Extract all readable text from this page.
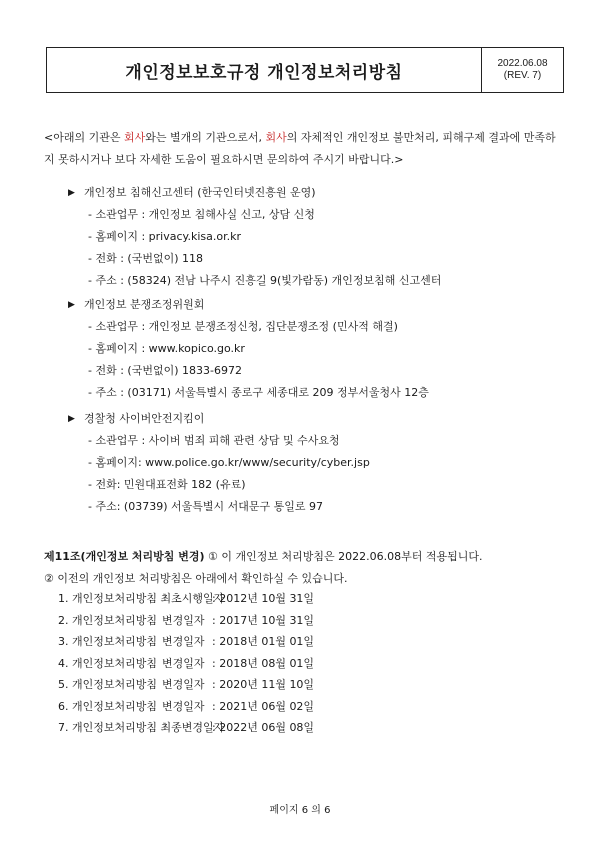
개인정보보호규정 개인정보처리방침	2022.06.08
(REV. 7)
<아래의 기관은 회사와는 별개의 기관으로서, 회사의 자체적인 개인정보 불만처리, 피해구제 결과에 만족하지 못하시거나 보다 자세한 도움이 필요하시면 문의하여 주시기 바랍니다.>
▶ 개인정보 침해신고센터 (한국인터넷진흥원 운영)
- 소관업무 : 개인정보 침해사실 신고, 상담 신청
- 홈페이지 : privacy.kisa.or.kr
- 전화 : (국번없이) 118
- 주소 : (58324) 전남 나주시 진흥길 9(빛가람동) 개인정보침해 신고센터
▶ 개인정보 분쟁조정위원회
- 소관업무 : 개인정보 분쟁조정신청, 집단분쟁조정 (민사적 해결)
- 홈페이지 : www.kopico.go.kr
- 전화 : (국번없이) 1833-6972
- 주소 : (03171) 서울특별시 종로구 세종대로 209 정부서울청사 12층
▶ 경찰청 사이버안전지킴이
- 소관업무 : 사이버 범죄 피해 관련 상담 및 수사요청
- 홈페이지: www.police.go.kr/www/security/cyber.jsp
- 전화: 민원대표전화 182 (유료)
- 주소: (03739) 서울특별시 서대문구 통일로 97
제11조(개인정보 처리방침 변경) ① 이 개인정보 처리방침은 2022.06.08부터 적용됩니다.
② 이전의 개인정보 처리방침은 아래에서 확인하실 수 있습니다.
1. 개인정보처리방침 최초시행일자
: 2012년 10월 31일
2. 개인정보처리방침 변경일자 : 2017년 10월 31일
3. 개인정보처리방침 변경일자 : 2018년 01월 01일
4. 개인정보처리방침 변경일자 : 2018년 08월 01일
5. 개인정보처리방침 변경일자 : 2020년 11월 10일
6. 개인정보처리방침 변경일자 : 2021년 06월 02일
7. 개인정보처리방침 최종변경일자
: 2022년 06월 08일
페이지 6 의 6
